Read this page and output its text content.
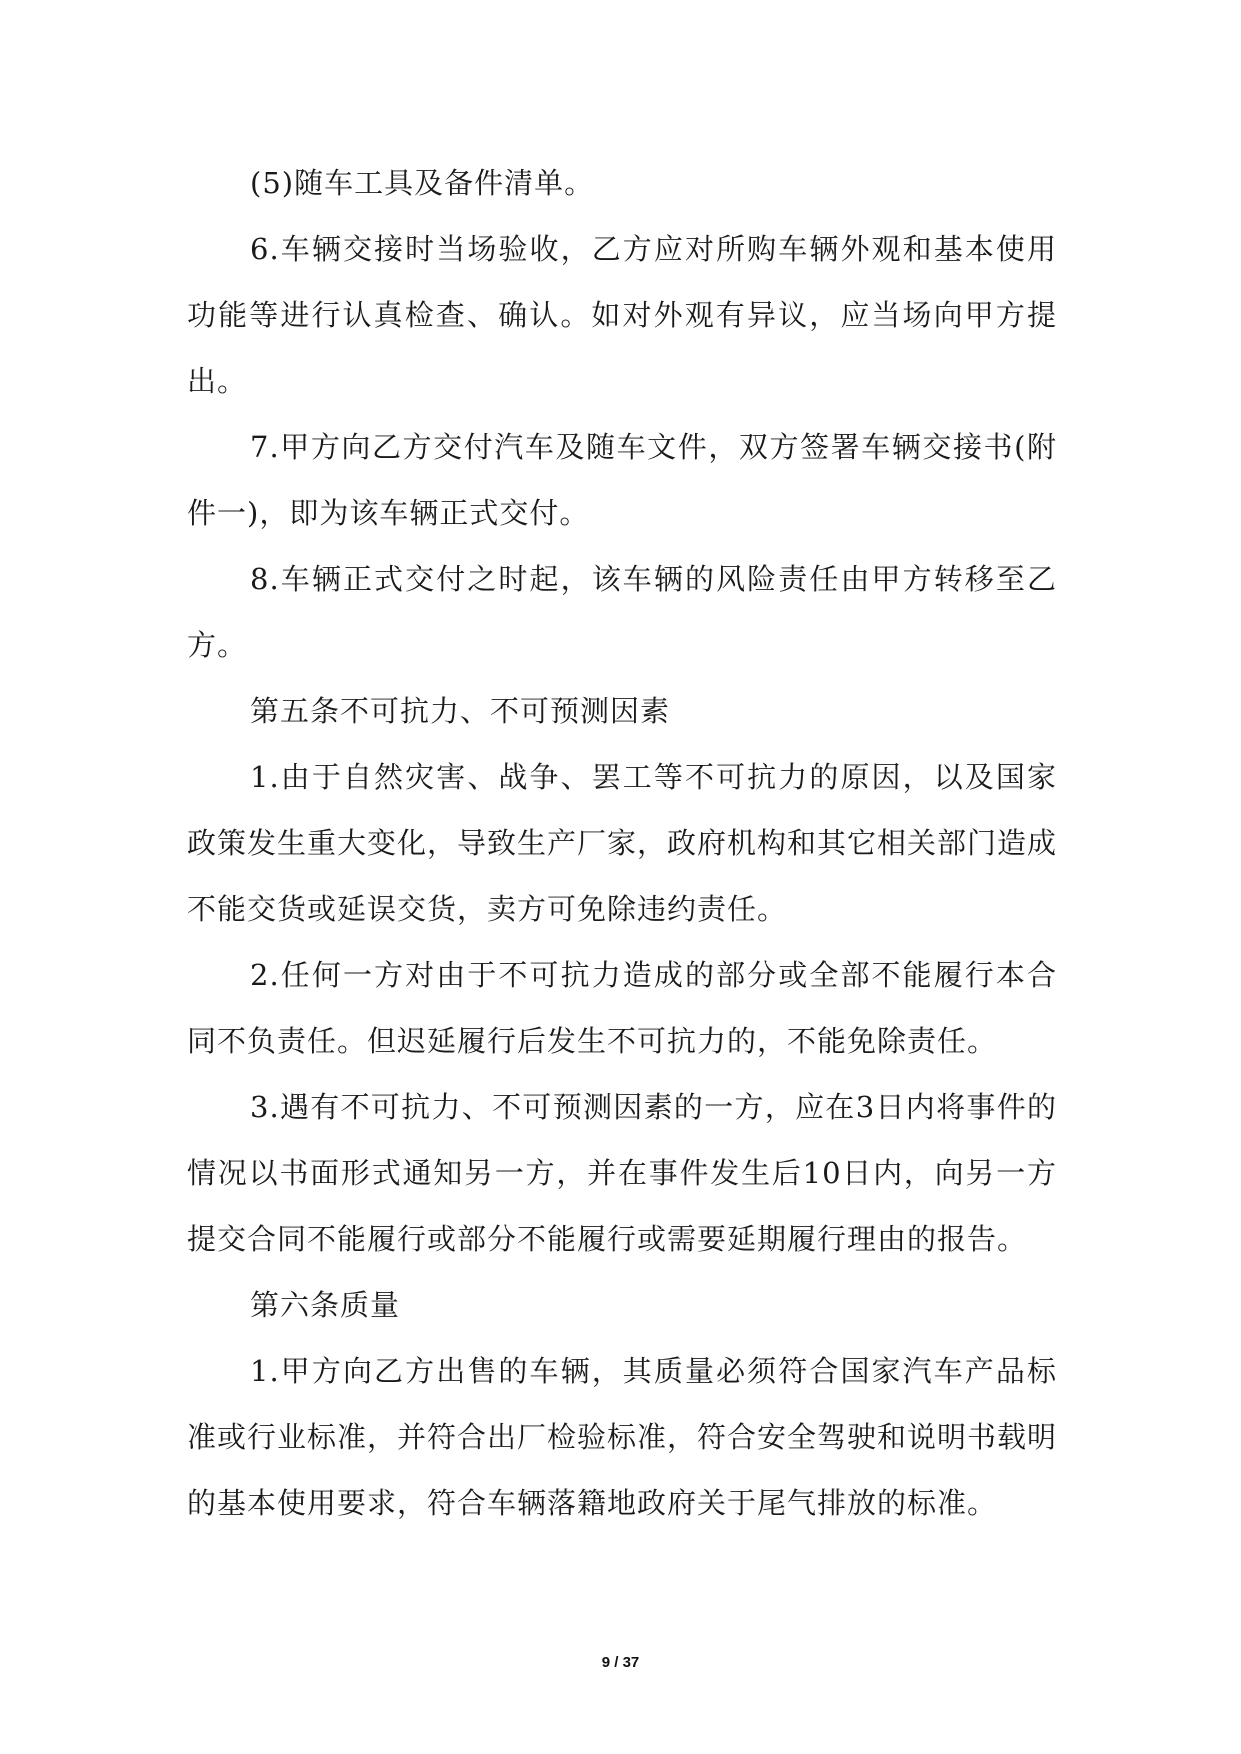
(5)随车工具及备件清单。

6.车辆交接时当场验收，乙方应对所购车辆外观和基本使用功能等进行认真检查、确认。如对外观有异议，应当场向甲方提出。

7.甲方向乙方交付汽车及随车文件，双方签署车辆交接书(附件一)，即为该车辆正式交付。

8.车辆正式交付之时起，该车辆的风险责任由甲方转移至乙方。

第五条不可抗力、不可预测因素

1.由于自然灾害、战争、罢工等不可抗力的原因，以及国家政策发生重大变化，导致生产厂家，政府机构和其它相关部门造成不能交货或延误交货，卖方可免除违约责任。

2.任何一方对由于不可抗力造成的部分或全部不能履行本合同不负责任。但迟延履行后发生不可抗力的，不能免除责任。

3.遇有不可抗力、不可预测因素的一方，应在3日内将事件的情况以书面形式通知另一方，并在事件发生后10日内，向另一方提交合同不能履行或部分不能履行或需要延期履行理由的报告。

第六条质量

1.甲方向乙方出售的车辆，其质量必须符合国家汽车产品标准或行业标准，并符合出厂检验标准，符合安全驾驶和说明书载明的基本使用要求，符合车辆落籍地政府关于尾气排放的标准。

9 / 37
